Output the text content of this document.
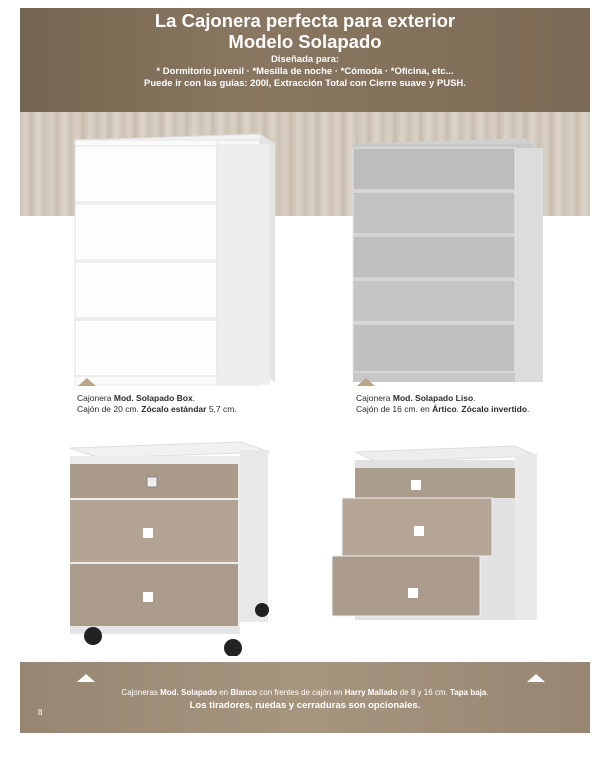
La Cajonera perfecta para exterior
Modelo Solapado
Diseñada para:
* Dormitorio juvenil · *Mesilla de noche · *Cómoda · *Oficina, etc...
Puede ir con las guías: 200I, Extracción Total con Cierre suave y PUSH.
Cajonera Mod. Solapado Box.
Cajón de 20 cm. Zócalo estándar 5,7 cm.
Cajonera Mod. Solapado Liso.
Cajón de 16 cm. en Ártico. Zócalo invertido.
Cajoneras Mod. Solapado en Blanco con frentes de cajón en Harry Mallado de 8 y 16 cm. Tapa baja.
Los tiradores, ruedas y cerraduras son opcionales.
8
